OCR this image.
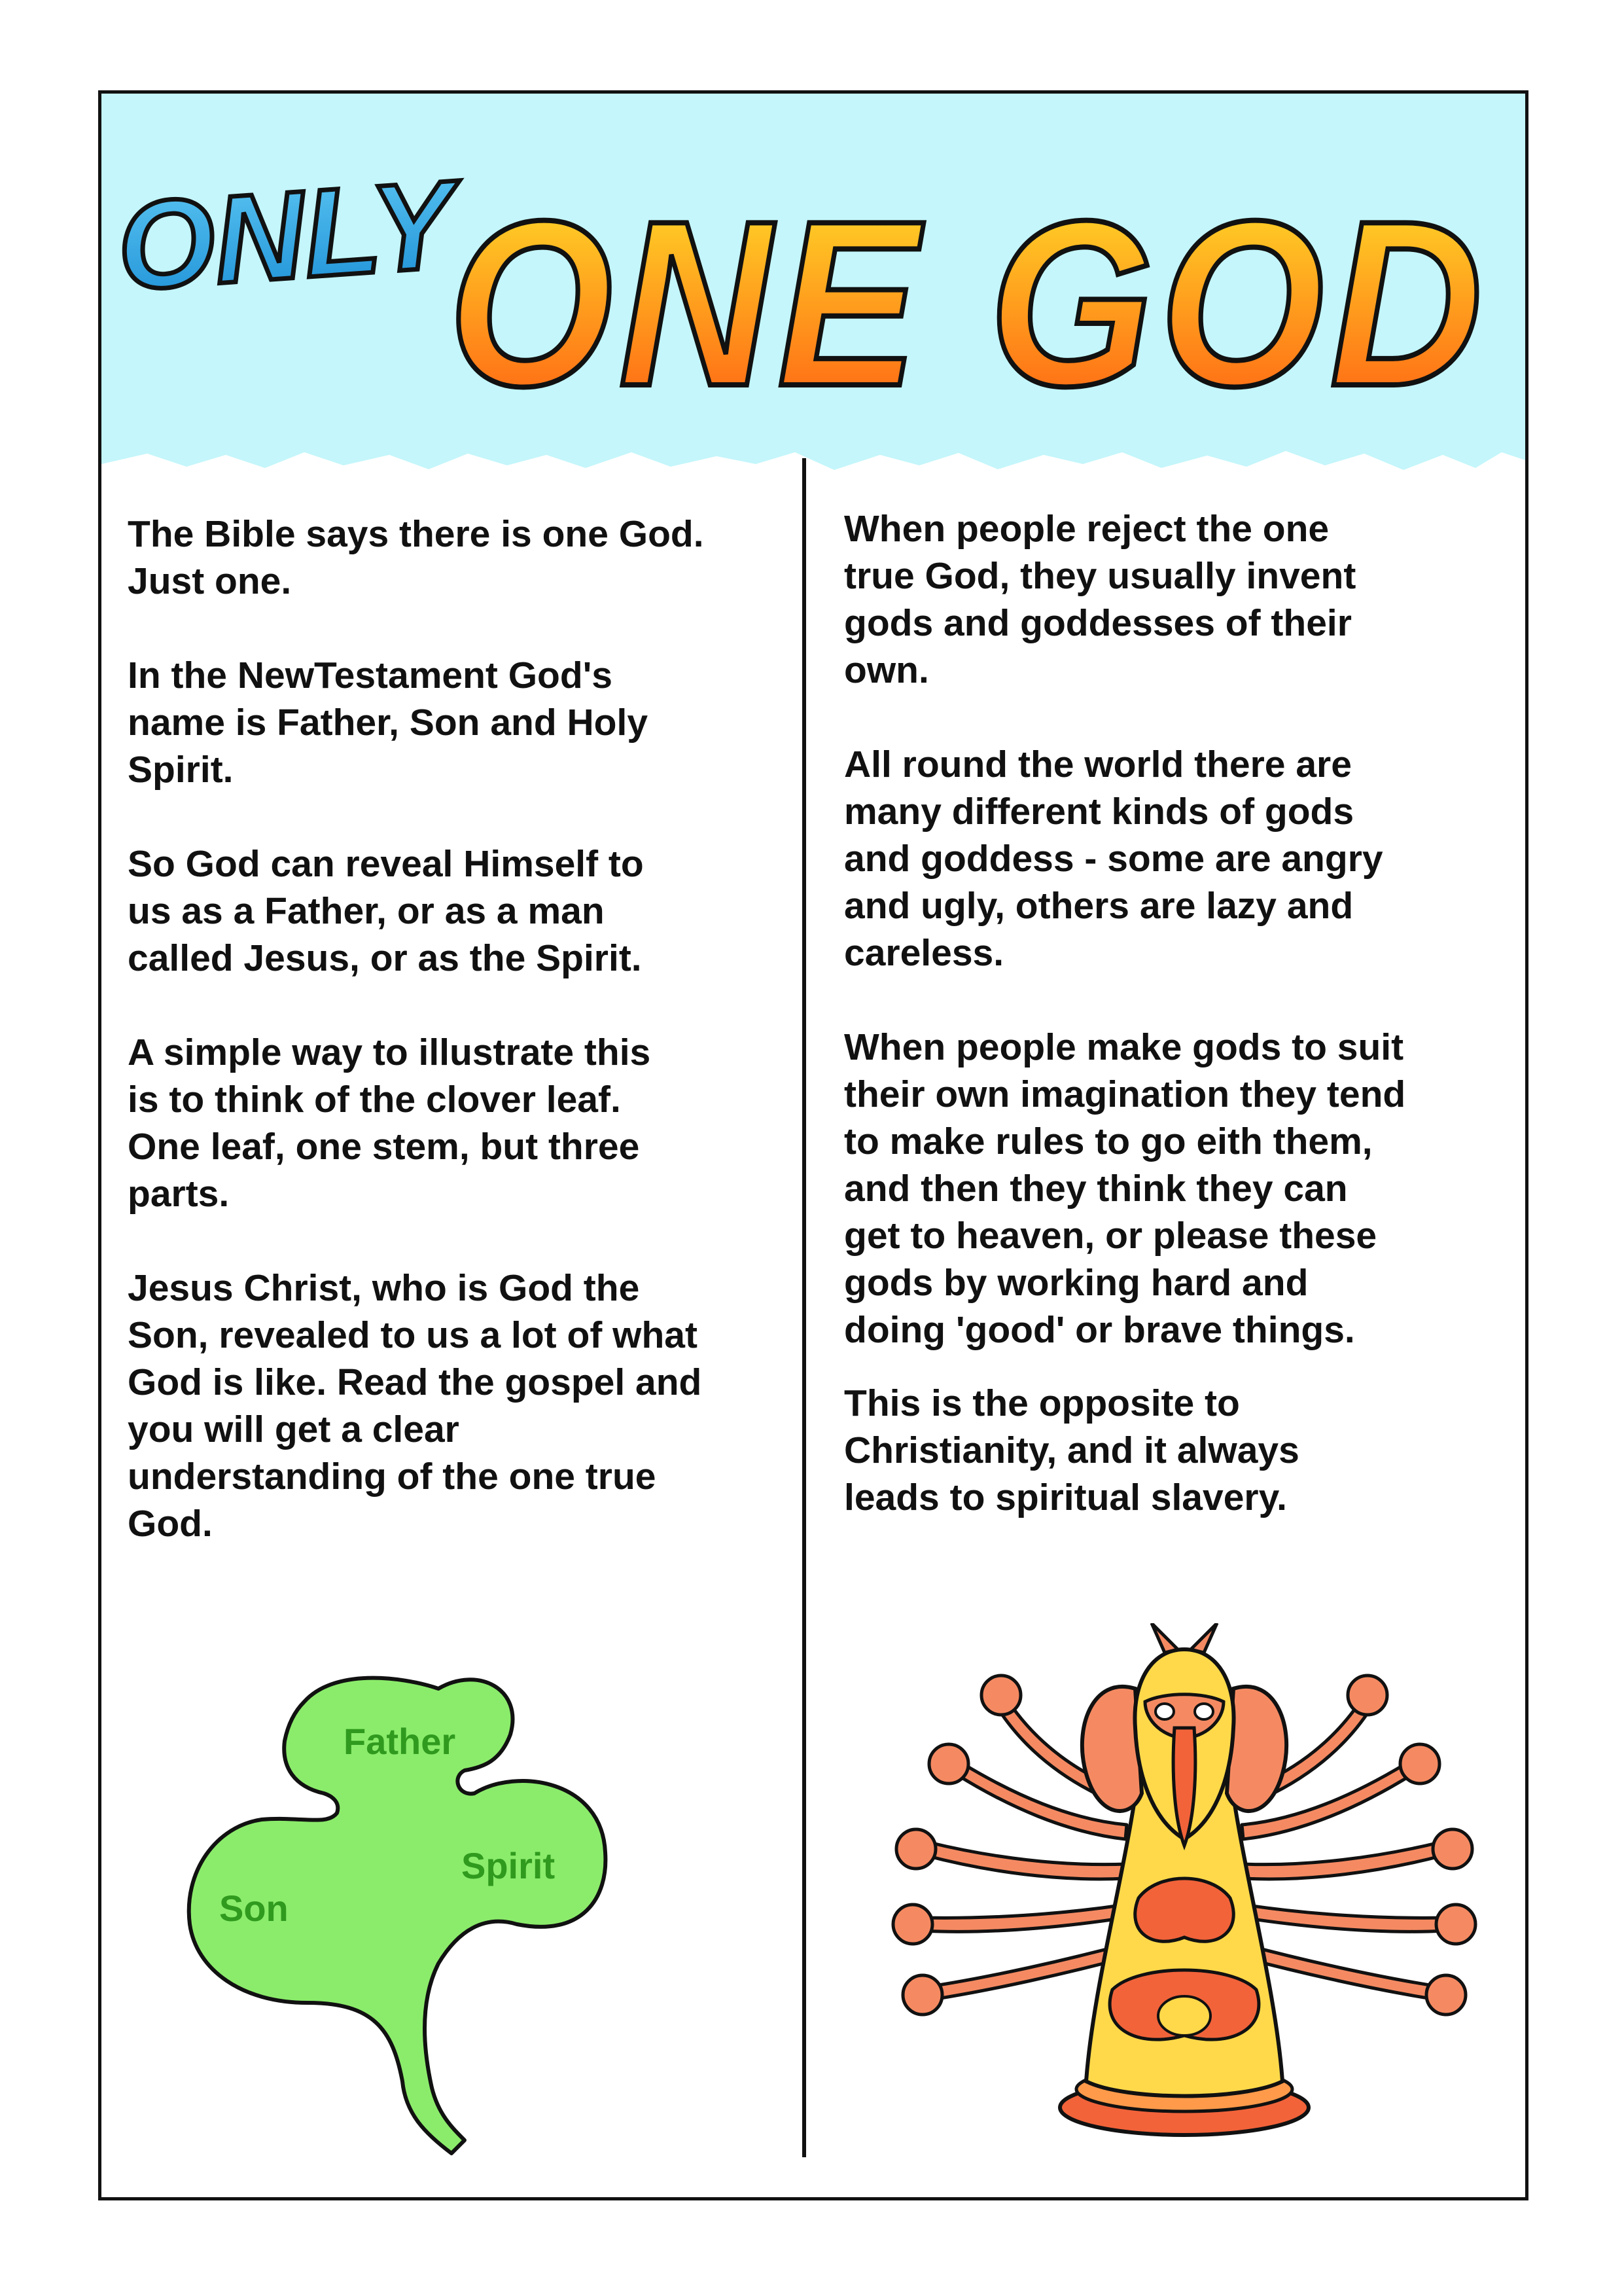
ONLY
ONE GOD

The Bible says there is one God.
Just one.

In the NewTestament God's
name is Father, Son and Holy
Spirit.

So God can reveal Himself to
us as a Father, or as a man
called Jesus, or as the Spirit.

A simple way to illustrate this
is to think of the clover leaf.
One leaf, one stem, but three
parts.

Jesus Christ, who is God the
Son, revealed to us a lot of what
God is like. Read the gospel and
you will get a clear
understanding of the one true
God.

When people reject the one
true God, they usually invent
gods and goddesses of their
own.

All round the world there are
many different kinds of gods
and goddess - some are angry
and ugly, others are lazy and
careless.

When people make gods to suit
their own imagination they tend
to make rules to go eith them,
and then they think they can
get to heaven, or please these
gods by working hard and
doing 'good' or brave things.

This is the opposite to
Christianity, and it always
leads to spiritual slavery.

Father
Son
Spirit
